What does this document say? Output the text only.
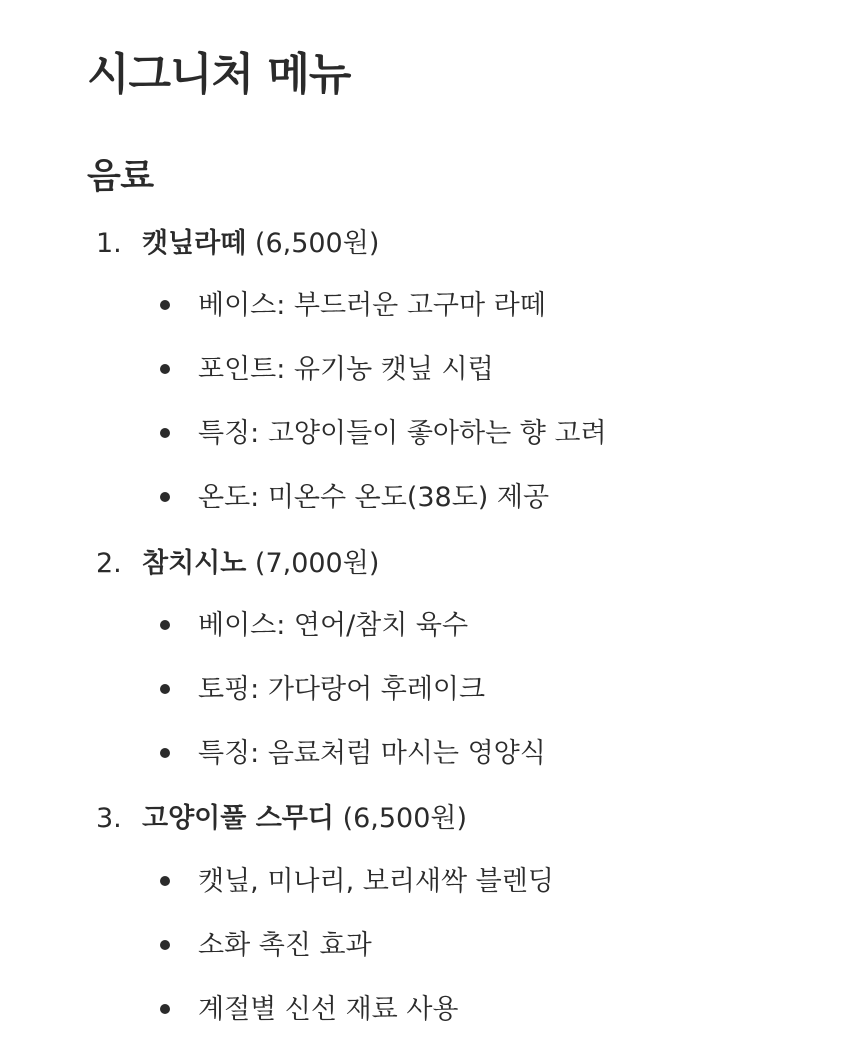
시그니처 메뉴
음료
1. 캣닢라떼 (6,500원)
베이스: 부드러운 고구마 라떼
포인트: 유기농 캣닢 시럽
특징: 고양이들이 좋아하는 향 고려
온도: 미온수 온도(38도) 제공
2. 참치시노 (7,000원)
베이스: 연어/참치 육수
토핑: 가다랑어 후레이크
특징: 음료처럼 마시는 영양식
3. 고양이풀 스무디 (6,500원)
캣닢, 미나리, 보리새싹 블렌딩
소화 촉진 효과
계절별 신선 재료 사용
